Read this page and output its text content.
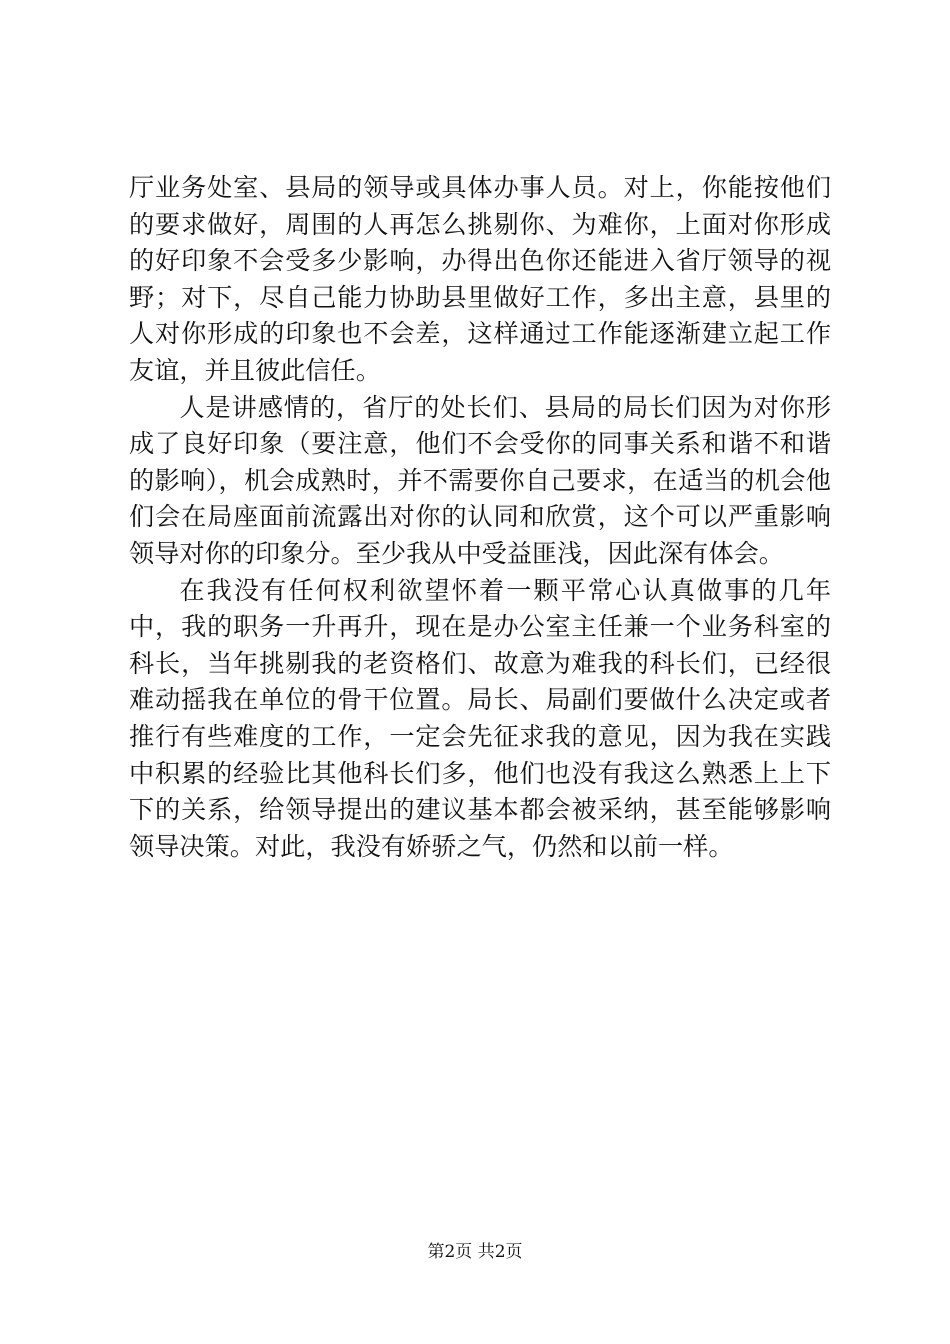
厅业务处室、县局的领导或具体办事人员。对上，你能按他们的要求做好，周围的人再怎么挑剔你、为难你，上面对你形成的好印象不会受多少影响，办得出色你还能进入省厅领导的视野；对下，尽自己能力协助县里做好工作，多出主意，县里的人对你形成的印象也不会差，这样通过工作能逐渐建立起工作友谊，并且彼此信任。

人是讲感情的，省厅的处长们、县局的局长们因为对你形成了良好印象（要注意，他们不会受你的同事关系和谐不和谐的影响），机会成熟时，并不需要你自己要求，在适当的机会他们会在局座面前流露出对你的认同和欣赏，这个可以严重影响领导对你的印象分。至少我从中受益匪浅，因此深有体会。

在我没有任何权利欲望怀着一颗平常心认真做事的几年中，我的职务一升再升，现在是办公室主任兼一个业务科室的科长，当年挑剔我的老资格们、故意为难我的科长们，已经很难动摇我在单位的骨干位置。局长、局副们要做什么决定或者推行有些难度的工作，一定会先征求我的意见，因为我在实践中积累的经验比其他科长们多，他们也没有我这么熟悉上上下下的关系，给领导提出的建议基本都会被采纳，甚至能够影响领导决策。对此，我没有娇骄之气，仍然和以前一样。

第2页 共2页
